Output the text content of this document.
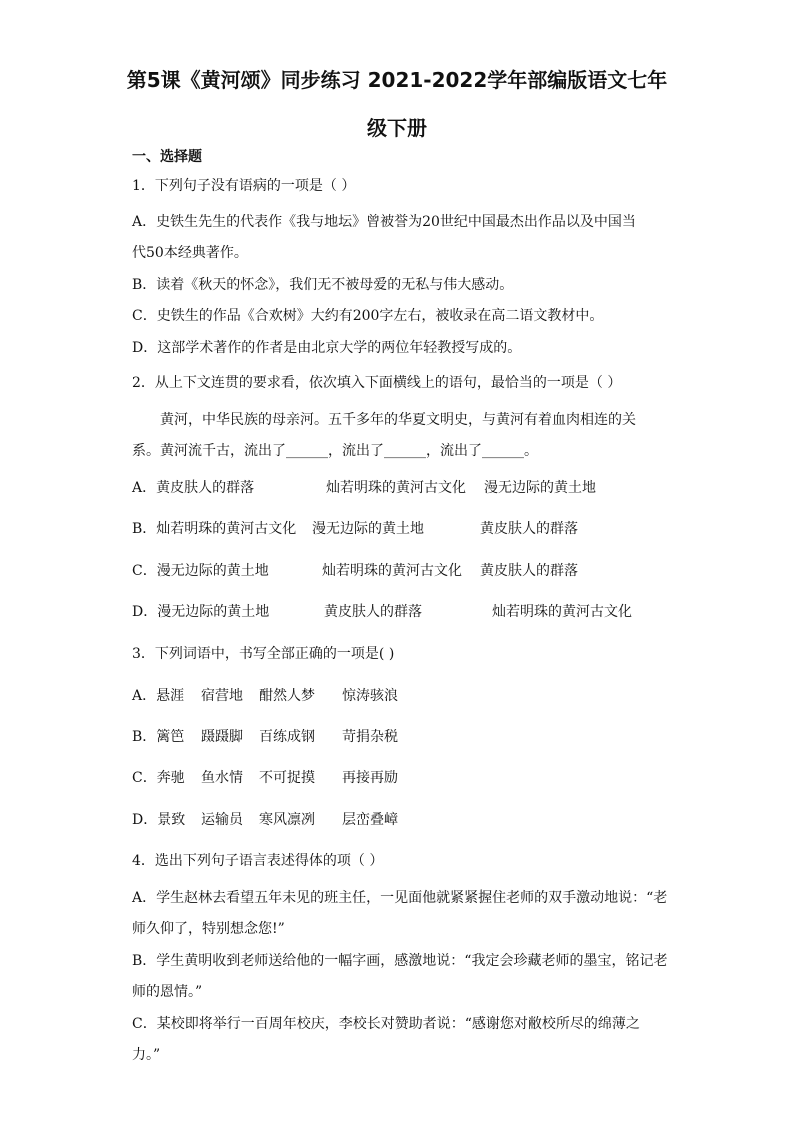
第5课《黄河颂》同步练习 2021-2022学年部编版语文七年
级下册
一、选择题

1．下列句子没有语病的一项是（ ）

A．史铁生先生的代表作《我与地坛》曾被誉为20世纪中国最杰出作品以及中国当

代50本经典著作。

B．读着《秋天的怀念》，我们无不被母爱的无私与伟大感动。

C．史铁生的作品《合欢树》大约有200字左右，被收录在高二语文教材中。

D．这部学术著作的作者是由北京大学的两位年轻教授写成的。

2．从上下文连贯的要求看，依次填入下面横线上的语句，最恰当的一项是（ ）

黄河，中华民族的母亲河。五千多年的华夏文明史，与黄河有着血肉相连的关

系。黄河流千古，流出了______，流出了______，流出了______。

A．黄皮肤人的群落	灿若明珠的黄河古文化 漫无边际的黄土地

B．灿若明珠的黄河古文化 漫无边际的黄土地	黄皮肤人的群落

C．漫无边际的黄土地	灿若明珠的黄河古文化 黄皮肤人的群落

D．漫无边际的黄土地	黄皮肤人的群落	灿若明珠的黄河古文化

3．下列词语中，书写全部正确的一项是( )

A．悬涯 宿营地 酣然人梦 惊涛骇浪

B．篱笆 蹑蹑脚 百练成钢 苛捐杂税

C．奔驰 鱼水情 不可捉摸 再接再励

D．景致 运输员 寒风凛冽 层峦叠嶂

4．选出下列句子语言表述得体的项（ ）

A．学生赵林去看望五年未见的班主任，一见面他就紧紧握住老师的双手激动地说：“老

师久仰了，特别想念您!”

B．学生黄明收到老师送给他的一幅字画，感激地说：“我定会珍藏老师的墨宝，铭记老

师的恩情。”

C．某校即将举行一百周年校庆，李校长对赞助者说：“感谢您对敝校所尽的绵薄之

力。”
